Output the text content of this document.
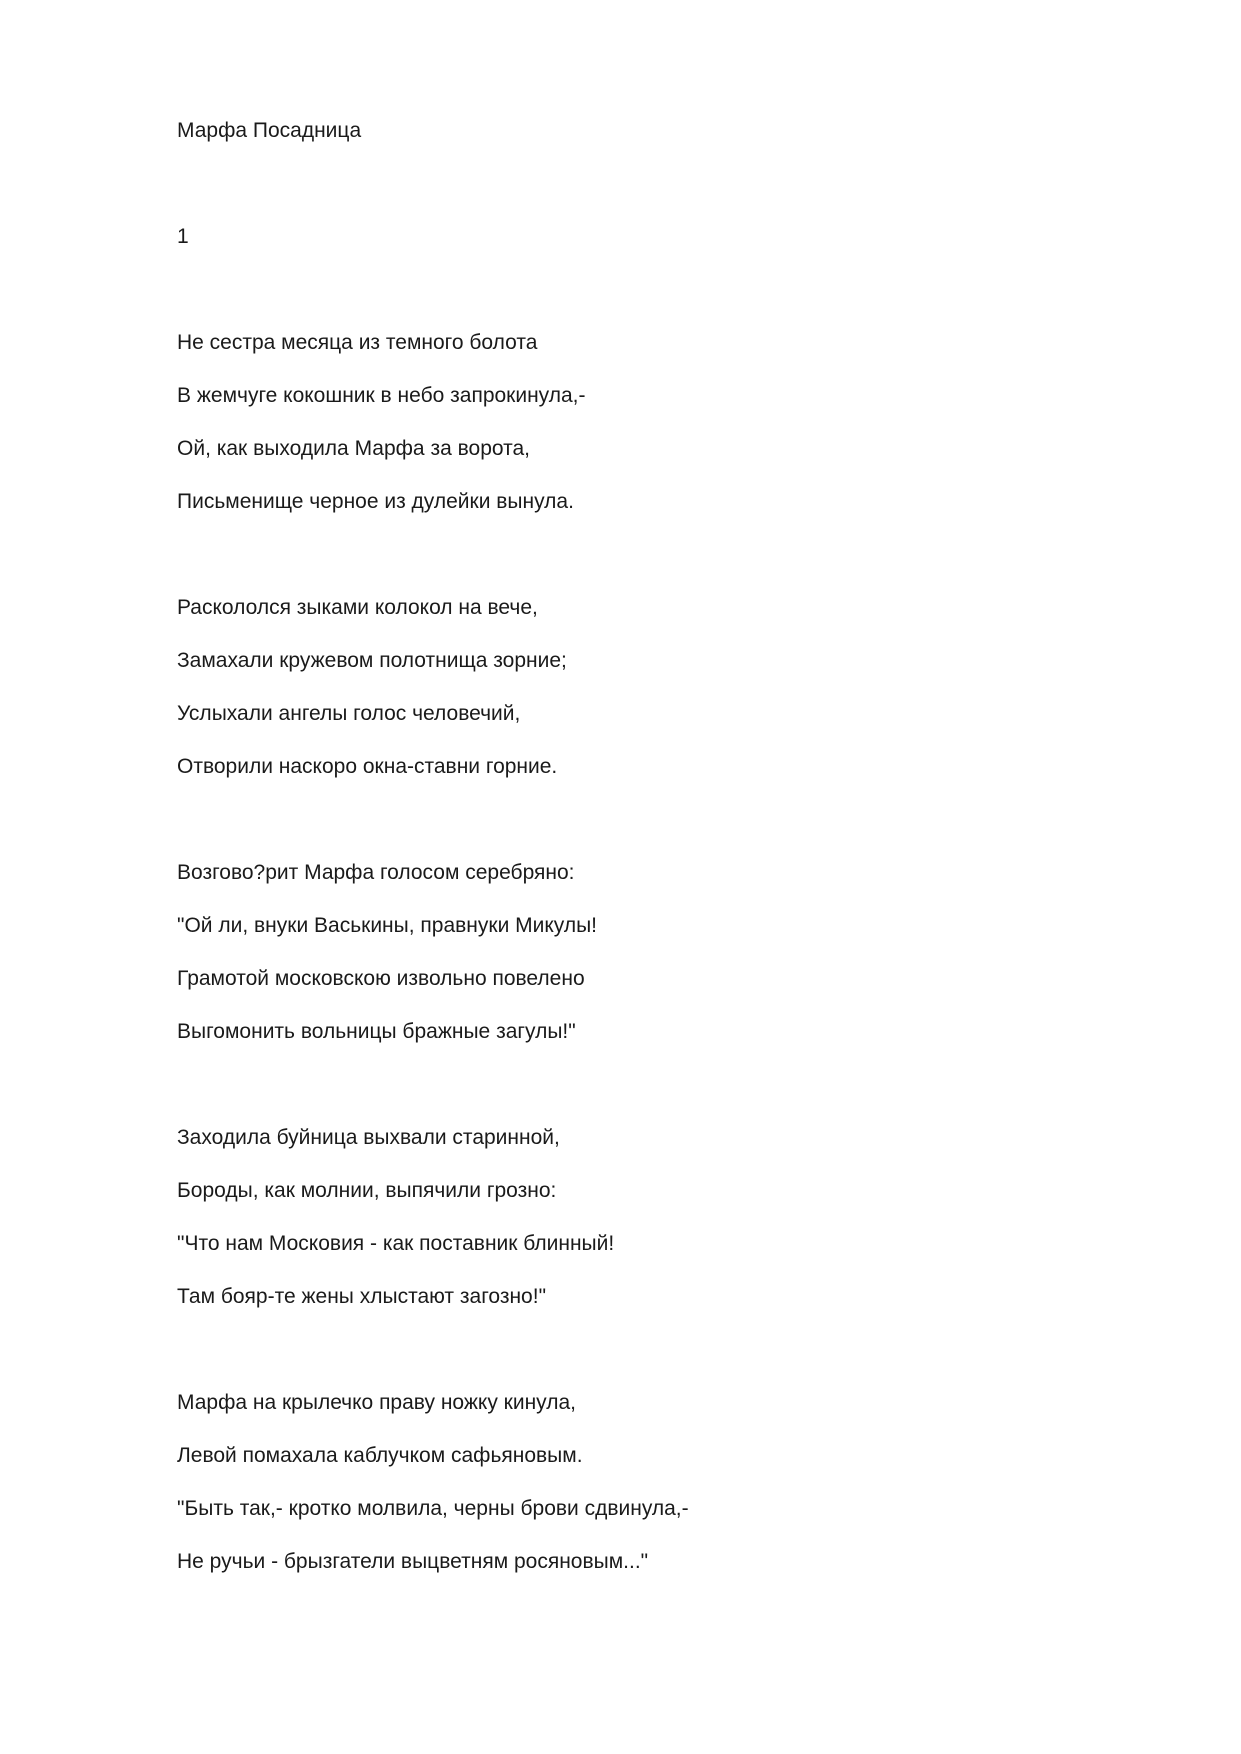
Марфа Посадница
1
Не сестра месяца из темного болота
В жемчуге кокошник в небо запрокинула,-
Ой, как выходила Марфа за ворота,
Письменище черное из дулейки вынула.
Раскололся зыками колокол на вече,
Замахали кружевом полотнища зорние;
Услыхали ангелы голос человечий,
Отворили наскоро окна-ставни горние.
Возгово?рит Марфа голосом серебряно:
"Ой ли, внуки Васькины, правнуки Микулы!
Грамотой московскою извольно повелено
Выгомонить вольницы бражные загулы!"
Заходила буйница выхвали старинной,
Бороды, как молнии, выпячили грозно:
"Что нам Московия - как поставник блинный!
Там бояр-те жены хлыстают загозно!"
Марфа на крылечко праву ножку кинула,
Левой помахала каблучком сафьяновым.
"Быть так,- кротко молвила, черны брови сдвинула,-
Не ручьи - брызгатели выцветням росяновым..."
